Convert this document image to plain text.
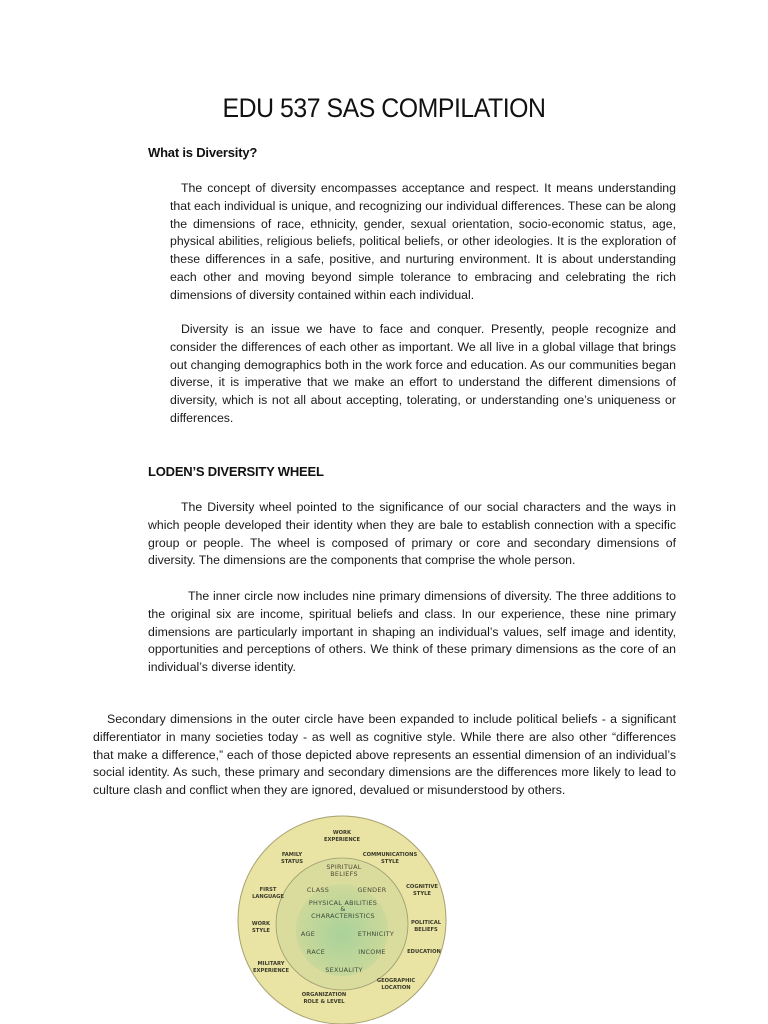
EDU 537 SAS COMPILATION
What is Diversity?

The concept of diversity encompasses acceptance and respect. It means understanding that each individual is unique, and recognizing our individual differences. These can be along the dimensions of race, ethnicity, gender, sexual orientation, socio-economic status, age, physical abilities, religious beliefs, political beliefs, or other ideologies. It is the exploration of these differences in a safe, positive, and nurturing environment. It is about understanding each other and moving beyond simple tolerance to embracing and celebrating the rich dimensions of diversity contained within each individual.

Diversity is an issue we have to face and conquer. Presently, people recognize and consider the differences of each other as important. We all live in a global village that brings out changing demographics both in the work force and education. As our communities began diverse, it is imperative that we make an effort to understand the different dimensions of diversity, which is not all about accepting, tolerating, or understanding one’s uniqueness or differences.

LODEN’S DIVERSITY WHEEL

The Diversity wheel pointed to the significance of our social characters and the ways in which people developed their identity when they are bale to establish connection with a specific group or people. The wheel is composed of primary or core and secondary dimensions of diversity. The dimensions are the components that comprise the whole person.

The inner circle now includes nine primary dimensions of diversity. The three additions to the original six are income, spiritual beliefs and class. In our experience, these nine primary dimensions are particularly important in shaping an individual’s values, self image and identity, opportunities and perceptions of others. We think of these primary dimensions as the core of an individual’s diverse identity.

Secondary dimensions in the outer circle have been expanded to include political beliefs - a significant differentiator in many societies today - as well as cognitive style. While there are also other “differences that make a difference,” each of those depicted above represents an essential dimension of an individual’s social identity. As such, these primary and secondary dimensions are the differences more likely to lead to culture clash and conflict when they are ignored, devalued or misunderstood by others.

WORK
EXPERIENCE
FAMILY
STATUS
COMMUNICATIONS
STYLE
FIRST
LANGUAGE
COGNITIVE
STYLE
WORK
STYLE
POLITICAL
BELIEFS
EDUCATION
MILITARY
EXPERIENCE
GEOGRAPHIC
LOCATION
ORGANIZATION
ROLE & LEVEL
SPIRITUAL
BELIEFS
CLASS	GENDER
PHYSICAL ABILITIES
&
CHARACTERISTICS
AGE	ETHNICITY
RACE	INCOME
SEXUALITY
